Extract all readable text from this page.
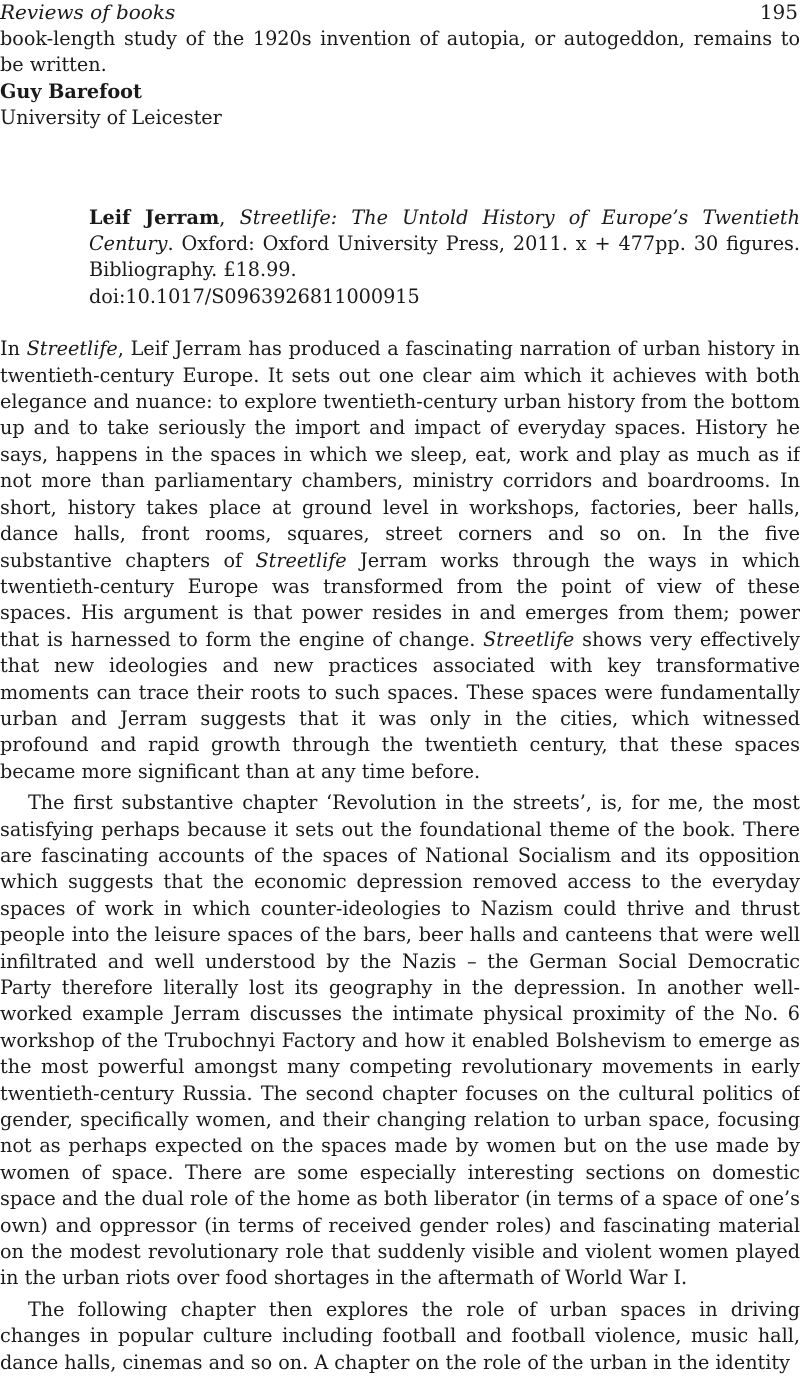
Reviews of books	195

book-length study of the 1920s invention of autopia, or autogeddon, remains to be written.

Guy Barefoot

University of Leicester

Leif Jerram, Streetlife: The Untold History of Europe’s Twentieth Century. Oxford: Oxford University Press, 2011. x + 477pp. 30 figures. Bibliography. £18.99.

doi:10.1017/S0963926811000915

In Streetlife, Leif Jerram has produced a fascinating narration of urban history in twentieth-century Europe. It sets out one clear aim which it achieves with both elegance and nuance: to explore twentieth-century urban history from the bottom up and to take seriously the import and impact of everyday spaces. History he says, happens in the spaces in which we sleep, eat, work and play as much as if not more than parliamentary chambers, ministry corridors and boardrooms. In short, history takes place at ground level in workshops, factories, beer halls, dance halls, front rooms, squares, street corners and so on. In the five substantive chapters of Streetlife Jerram works through the ways in which twentieth-century Europe was transformed from the point of view of these spaces. His argument is that power resides in and emerges from them; power that is harnessed to form the engine of change. Streetlife shows very effectively that new ideologies and new practices associated with key transformative moments can trace their roots to such spaces. These spaces were fundamentally urban and Jerram suggests that it was only in the cities, which witnessed profound and rapid growth through the twentieth century, that these spaces became more significant than at any time before.

The first substantive chapter ‘Revolution in the streets’, is, for me, the most satisfying perhaps because it sets out the foundational theme of the book. There are fascinating accounts of the spaces of National Socialism and its opposition which suggests that the economic depression removed access to the everyday spaces of work in which counter-ideologies to Nazism could thrive and thrust people into the leisure spaces of the bars, beer halls and canteens that were well infiltrated and well understood by the Nazis – the German Social Democratic Party therefore literally lost its geography in the depression. In another well-worked example Jerram discusses the intimate physical proximity of the No. 6 workshop of the Trubochnyi Factory and how it enabled Bolshevism to emerge as the most powerful amongst many competing revolutionary movements in early twentieth-century Russia. The second chapter focuses on the cultural politics of gender, specifically women, and their changing relation to urban space, focusing not as perhaps expected on the spaces made by women but on the use made by women of space. There are some especially interesting sections on domestic space and the dual role of the home as both liberator (in terms of a space of one’s own) and oppressor (in terms of received gender roles) and fascinating material on the modest revolutionary role that suddenly visible and violent women played in the urban riots over food shortages in the aftermath of World War I.

The following chapter then explores the role of urban spaces in driving changes in popular culture including football and football violence, music hall, dance halls, cinemas and so on. A chapter on the role of the urban in the identity
